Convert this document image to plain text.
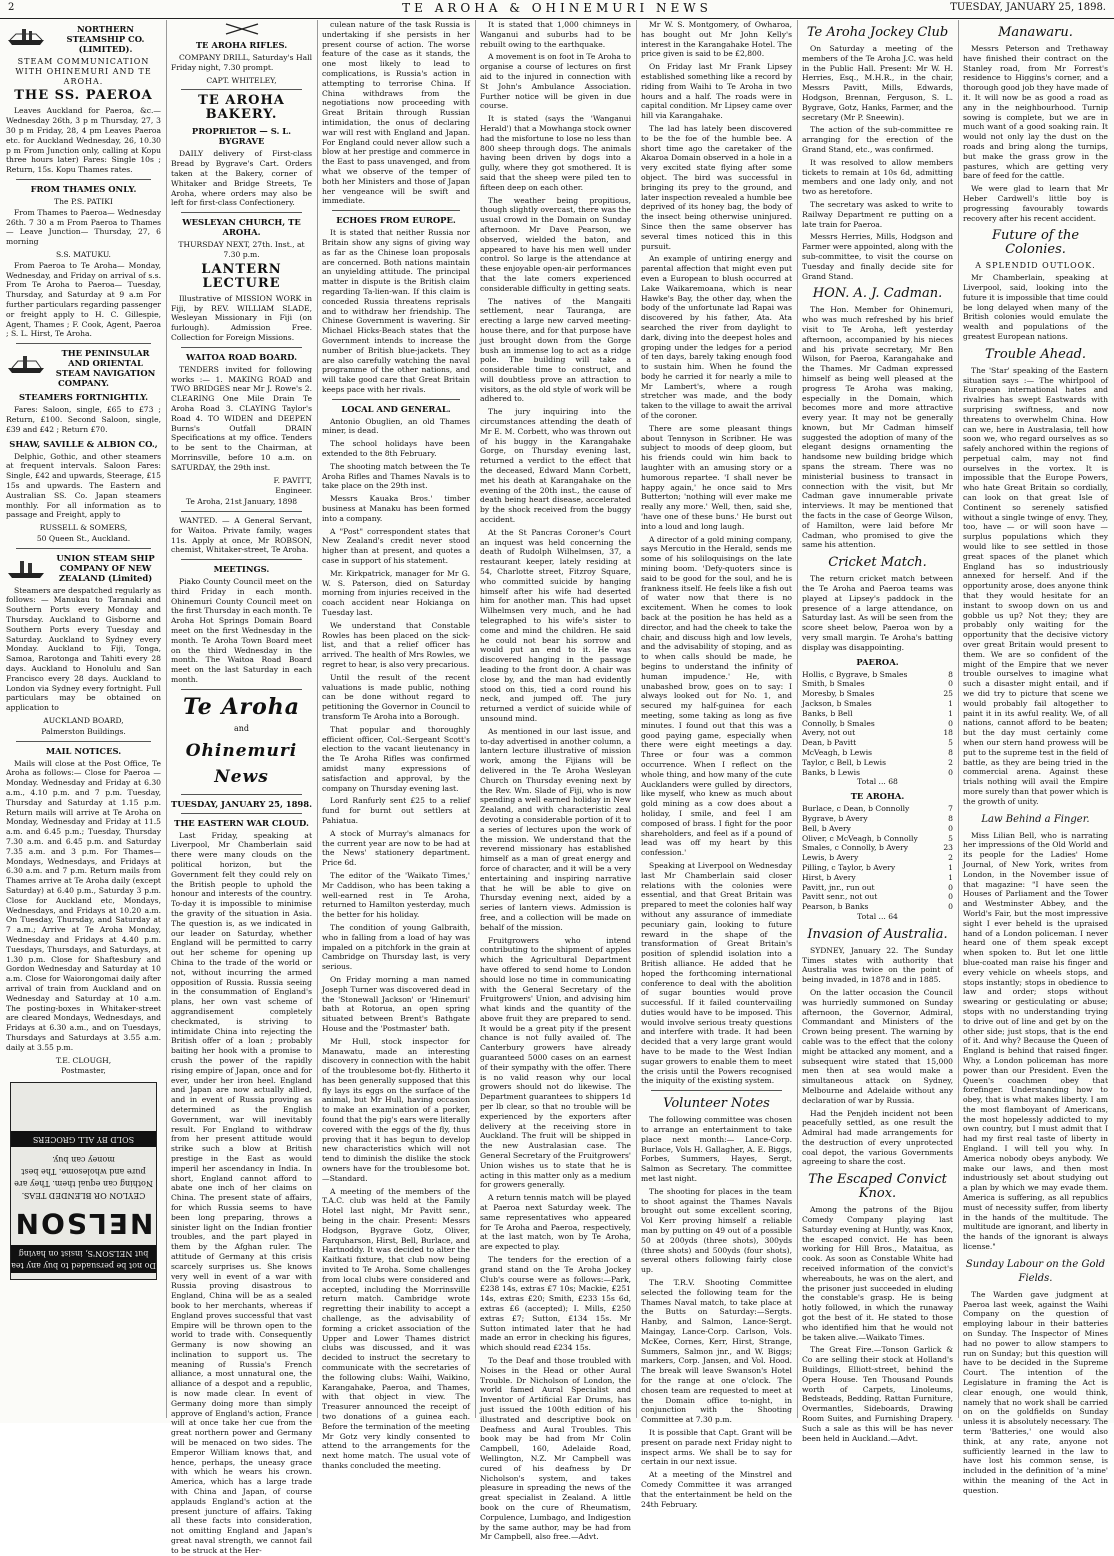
2	TE AROHA & OHINEMURI NEWS	TUESDAY, JANUARY 25, 1898.
NORTHERN STEAMSHIP CO. (LIMITED).
STEAM COMMUNICATION WITH OHINEMURI AND TE AROHA.
THE SS. PAEROA

Leaves Auckland for Paeroa, &c.— Wednesday 26th, 3 p m Thursday, 27, 3 30 p m Friday, 28, 4 pm Leaves Paeroa etc. for Auckland Wednesday, 26, 10.30 p m From Junction only, calling at Kopu three hours later) Fares: Single 10s ; Return, 15s. Kopu Thames rates.

FROM THAMES ONLY.
The P.S. PATIKI

From Thames to Paeroa— Wednesday 26th. 7 30 a m From Paeroa to Thames— Leave Junction— Thursday, 27, 6 morning

S.S. MATUKU.

From Paeroa to Te Aroha— Monday, Wednesday, and Friday on arrival of s.s. From Te Aroha to Paeroa— Tuesday, Thursday, and Saturday at 9 a.m For further particulars regarding passenger or freight apply to H. C. Gillespie, Agent, Thames ; F. Cook, Agent, Paeroa ; S. L. Hirst, Te Aroha.

THE PENINSULAR AND ORIENTAL STEAM NAVIGATION COMPANY.
STEAMERS FORTNIGHTLY.

Fares: Saloon, single, £65 to £73 ; Return, £100. Second Saloon, single, £39 and £42 ; Return £70.

SHAW, SAVILLE & ALBION CO.,

Delphic, Gothic, and other steamers at frequent intervals. Saloon Fares: Single, £42 and upwards, Steerage, £15 15s and upwards. The Eastern and Australian SS. Co. Japan steamers monthly. For all information as to passage and Freight, apply to

RUSSELL & SOMERS,
50 Queen St., Auckland.
UNION STEAM SHIP COMPANY OF NEW ZEALAND (Limited)

Steamers are despatched regularly as follows: — Manukau to Taranaki and Southern Ports every Monday and Thursday. Auckland to Gisborne and Southern Ports every Tuesday and Saturday. Auckland to Sydney every Monday. Auckland to Fiji, Tonga, Samoa, Rarotonga and Tahiti every 28 days. Auckland to Honolulu and San Francisco every 28 days. Auckland to London via Sydney every fortnight. Full particulars may be obtained on application to

AUCKLAND BOARD,
Palmerston Buildings.
MAIL NOTICES.

Mails will close at the Post Office, Te Aroha as follows:— Close for Paeroa — Monday. Wednesday and Friday at 6.30 a.m., 4.10 p.m. and 7 p.m. Tuesday, Thursday and Saturday at 1.15 p.m. Return mails will arrive at Te Aroha on Monday, Wednesday and Friday at 11.5 a.m. and 6.45 p.m.; Tuesday, Thursday 7.30 a.m. and 6.45 p.m. and Saturday 7.35 a.m. and 3 p.m. For Thames— Mondays, Wednesdays, and Fridays at 6.30 a.m. and 7 p.m. Return mails from Thames arrive at Te Aroha daily (except Saturday) at 6.40 p.m., Saturday 3 p.m. Close for Auckland etc, Mondays, Wednesdays, and Fridays at 10.20 a.m. On Tuesday, Thursday, and Saturday at 7 a.m.; Arrive at Te Aroha Monday, Wednesday and Fridays at 4.40 p.m. Tuesdays, Thursdays, and Saturdays, at 1.30 p.m. Close for Shaftesbury and Gordon Wednesday and Saturday at 10 a.m. Close for Waiorongomai daily after arrival of train from Auckland and on Wednesday and Saturday at 10 a.m. The posting-boxes in Whitaker-street are cleared Mondays, Wednesdays, and Fridays at 6.30 a.m., and on Tuesdays, Thursdays and Saturdays at 3.55 a.m. daily at 3.55 p.m.

T.E. CLOUGH,
Postmaster,
Do not be persuaded to buy any tea but NELSON'S, insist on having
NELSON
CEYLON OR BLENDED TEAS. Nothing can equal them. They are pure and wholesome. The best money can buy.
SOLD BY ALL GROCERS
TE AROHA RIFLES.

COMPANY DRILL, Saturday's Hall Friday night, 7.30 prompt.

CAPT. WHITELEY,
TE AROHA BAKERY.
PROPRIETOR — S. L. BYGRAVE

DAILY delivery of First-class Bread by Bygrave's Cart. Orders taken at the Bakery, corner of Whitaker and Bridge Streets, Te Aroha, where orders may also be left for first-class Confectionery.

WESLEYAN CHURCH, TE AROHA.
THURSDAY NEXT, 27th. Inst., at 7.30 p.m.
LANTERN LECTURE

Illustrative of MISSION WORK in Fiji, by REV. WILLIAM SLADE, Wesleyan Missionary in Fiji (on furlough). Admission Free. Collection for Foreign Missions.

WAITOA ROAD BOARD.

TENDERS invited for following works :— 1. MAKING ROAD and TWO BRIDGES near Mr J. Rowe's 2. CLEARING One Mile Drain Te Aroha Road 3. CLAYING Taylor's Road 4. TO WIDEN and DEEPEN Burns's Outfall DRAIN Specifications at my office. Tenders to be sent to the Chairman, at Morrinsville, before 10 a.m. on SATURDAY, the 29th inst.

F. PAVITT,
Engineer.
Te Aroha, 21st January, 1898

WANTED. — A General Servant, for Waitoa. Private family, wages 11s. Apply at once, Mr ROBSON, chemist, Whitaker-street, Te Aroha.

MEETINGS.

Piako County Council meet on the third Friday in each month. Ohinemuri County Council meet on the first Thursday in each month. Te Aroha Hot Springs Domain Board meet on the first Wednesday in the month. Te Aroha Town Board meet on the third Wednesday in the month. The Waitoa Road Board meet on the last Saturday in each month.

Te Aroha
and
Ohinemuri News
TUESDAY, JANUARY 25, 1898.
THE EASTERN WAR CLOUD.

Last Friday, speaking at Liverpool, Mr Chamberlain said there were many clouds on the political horizon, but the Government felt they could rely on the British people to uphold the honour and interests of the country. To-day it is impossible to minimise the gravity of the situation in Asia. The question is, as we indicated in our leader on Saturday, whether England will be permitted to carry out her scheme for opening up China to the trade of the world or not, without incurring the armed opposition of Russia. Russia seeing in the consummation of England's plans, her own vast scheme of aggrandisement completely checkmated, is striving to intimidate China into rejecting the British offer of a loan ; probably baiting her hook with a promise to crush the power of the rapidly rising empire of Japan, once and for ever, under her iron heel. England and Japan are now actually allied, and in event of Russia proving as determined as the English Government, war will inevitably result. For England to withdraw from her present attitude would strike such a blow at British prestige in the East as would imperil her ascendancy in India. In short, England cannot afford to abate one inch of her claims on China. The present state of affairs, for which Russia seems to have been long preparing, throws a sinister light on the Indian frontier troubles, and the part played in them by the Afghan ruler. The attitude of Germany at this crisis scarcely surprises us. She knows very well in event of a war with Russia proving disastrous to England, China will be as a sealed book to her merchants, whereas if England proves successful that vast Empire will be thrown open to the world to trade with. Consequently Germany is now showing an inclination to support us. The meaning of Russia's French alliance, a most unnatural one, the alliance of a despot and a republic, is now made clear. In event of Germany doing more than simply approve of England's action, France will at once take her cue from the great northern power and Germany will be menaced on two sides. The Emperor William knows that, and hence, perhaps, the uneasy grace with which he wears his crown. America, which has a large trade with China and Japan, of course applauds England's action at the present juncture of affairs. Taking all these facts into consideration, not omitting England and Japan's great naval strength, we cannot fail to be struck at the Her-

culean nature of the task Russia is undertaking if she persists in her present course of action. The worse feature of the case as it stands, the one most likely to lead to complications, is Russia's action in attempting to terrorise China. If China withdraws from the negotiations now proceeding with Great Britain through Russian intimidation, the onus of declaring war will rest with England and Japan. For England could never allow such a blow at her prestige and commerce in the East to pass unavenged, and from what we observe of the temper of both her Ministers and those of Japan her vengeance will be swift and immediate.

ECHOES FROM EUROPE.

It is stated that neither Russia nor Britain show any signs of giving way as far as the Chinese loan proposals are concerned. Both nations maintain an unyielding attitude. The principal matter in dispute is the British claim regarding Ta-lien-wan. If this claim is conceded Russia threatens reprisals and to withdraw her friendship. The Chinese Government is wavering. Sir Michael Hicks-Beach states that the Government intends to increase the number of British blue-jackets. They are also carefully watching the naval programme of the other nations, and will take good care that Great Britain keeps pace with her rivals.

LOCAL AND GENERAL.

Antonio Obuglien, an old Thames miner, is dead.

The school holidays have been extended to the 8th February.

The shooting match between the Te Aroha Rifles and Thames Navals is to take place on the 29th inst.

Messrs Kauaka Bros.' timber business at Manaku has been formed into a company.

A "Post" correspondent states that New Zealand's credit never stood higher than at present, and quotes a case in support of his statement.

Mr. Kirkpatrick, manager for Mr G. W. S. Paterson, died on Saturday morning from injuries received in the coach accident near Hokianga on Tuesday last.

We understand that Constable Rowles has been placed on the sick-list, and that a relief officer has arrived. The health of Mrs Rowles, we regret to hear, is also very precarious.

Until the result of the recent valuations is made public, nothing can be done without regard to petitioning the Governor in Council to transform Te Aroha into a Borough.

That popular and thoroughly efficient officer, Col.-Sergeant Scott's election to the vacant lieutenancy in the Te Aroha Rifles was confirmed amidst many expressions of satisfaction and approval, by the company on Thursday evening last.

Lord Ranfurly sent £25 to a relief fund for burnt out settlers at Pahiatua.

A stock of Murray's almanacs for the current year are now to be had at the News' stationery department. Price 6d.

The editor of the 'Waikato Times,' Mr Caddison, who has been taking a well-earned rest in Te Aroha, returned to Hamilton yesterday, much the better for his holiday.

The condition of young Galbraith, who in falling from a load of hay was impaled on a pitchfork in the grain at Cambridge on Thursday last, is very serious.

On Friday morning a man named Joseph Turner was discovered dead in the 'Stonewall Jackson' or 'Hinemuri' bath at Rotorua, an open spring situated between Brent's Bathgate House and the 'Postmaster' bath.

Mr Hull, stock inspector for Manawatu, made an interesting discovery in connection with the habit of the troublesome bot-fly. Hitherto it has been generally supposed that this fly lays its eggs on the surface of the animal, but Mr Hull, having occasion to make an examination of a porker, found that the pig's ears were literally covered with the eggs of the fly, thus proving that it has begun to develop new characteristics which will not tend to diminish the dislike the stock owners have for the troublesome bot.—Standard.

A meeting of the members of the T.A.C. club was held at the Family Hotel last night, Mr Pavitt senr., being in the chair. Present: Messrs Hodgson, Bygrave Gotz, Oliver, Farquharson, Hirst, Bell, Burlace, and Hartnoddy. It was decided to alter the Kaitkati fixture, that club now being invited to Te Aroha. Some challenges from local clubs were considered and accepted, including the Morrinsville return match. Cambridge wrote regretting their inability to accept a challenge, as the advisability of forming a cricket association of the Upper and Lower Thames district clubs was discussed, and it was decided to instruct the secretary to communicate with the secretaries of the following clubs: Waihi, Waikino, Karangahake, Paeroa, and Thames, with that object in view. The Treasurer announced the receipt of two donations of a guinea each. Before the termination of the meeting Mr Gotz very kindly consented to attend to the arrangements for the next home match. The usual vote of thanks concluded the meeting.

It is stated that 1,000 chimneys in Wanganui and suburbs had to be rebuilt owing to the earthquake.

A movement is on foot in Te Aroha to organise a course of lectures on first aid to the injured in connection with St John's Ambulance Association. Further notice will be given in due course.

It is stated (says the 'Wanganui Herald') that a Mowhanga stock owner had the misfortune to lose no less than 800 sheep through dogs. The animals having been driven by dogs into a gully, where they got smothered. It is said that the sheep were piled ten to fifteen deep on each other.

The weather being propitious, though slightly overcast, there was the usual crowd in the Domain on Sunday afternoon. Mr Dave Pearson, we observed, wielded the baton, and appeared to have his men well under control. So large is the attendance at these enjoyable open-air performances that the late comers experienced considerable difficulty in getting seats.

The natives of the Mangaiti settlement, near Tauranga, are erecting a large new carved meeting-house there, and for that purpose have just brought down from the Gorge bush an immense log to act as a ridge pole. The building will take a considerable time to construct, and will doubtless prove an attraction to visitors, as the old style of work will be adhered to.

The jury inquiring into the circumstances attending the death of Mr E. M. Corbett, who was thrown out of his buggy in the Karangahake Gorge, on Thursday evening last, returned a verdict to the effect that the deceased, Edward Mann Corbett, met his death at Karangahake on the evening of the 20th inst., the cause of death being heart disease, accelerated by the shock received from the buggy accident.

At the St Pancras Coroner's Court an inquest was held concerning the death of Rudolph Wilhelmsen, 37, a restaurant keeper, lately residing at 54, Charlotte street, Fitzroy Square, who committed suicide by hanging himself after his wife had deserted him for another man. This had upset Wilhelmsen very much, and he had telegraphed to his wife's sister to come and mind the children. He said he could not bear his sorrow and would put an end to it. He was discovered hanging in the passage leading to the front door. A chair was close by, and the man had evidently stood on this, tied a cord round his neck, and jumped off. The jury returned a verdict of suicide while of unsound mind.

As mentioned in our last issue, and to-day advertised in another column, a lantern lecture illustrative of mission work, among the Fijians will be delivered in the Te Aroha Wesleyan Church on Thursday evening next by the Rev. Wm. Slade of Fiji, who is now spending a well earned holiday in New Zealand, and with characteristic zeal devoting a considerable portion of it to a series of lectures upon the work of the mission. We understand that the reverend missionary has established himself as a man of great energy and force of character, and it will be a very entertaining and inspiring narrative that he will be able to give on Thursday evening next, aided by a series of lantern views. Admission is free, and a collection will be made on behalf of the mission.

Fruitgrowers who intend contributing to the shipment of apples which the Agricultural Department have offered to send home to London should lose no time in communicating with the General Secretary of the Fruitgrowers' Union, and advising him what kinds and the quantity of the above fruit they are prepared to send. It would be a great pity if the present chance is not fully availed of. The Canterbury growers have already guaranteed 5000 cases on an earnest of their sympathy with the offer. There is no valid reason why our local growers should not do likewise. The Department guarantees to shippers 1d per lb clear, so that no trouble will be experienced by the exporters after delivery at the receiving store in Auckland. The fruit will be shipped in the new Australasian case. The General Secretary of the Fruitgrowers' Union wishes us to state that he is acting in this matter only as a medium for growers generally.

A return tennis match will be played at Paeroa next Saturday week. The same representatives who appeared for Te Aroha and Paeroa, respectively, at the last match, won by Te Aroha, are expected to play.

The tenders for the erection of a grand stand on the Te Aroha Jockey Club's course were as follows:—Park, £238 14s, extras £7 10s; Mackie, £251 14s, extras £20; Smith, £233 15s 6d, extras £6 (accepted); I. Mills, £250 extras £7; Sutton, £134 15s. Mr Sutton intimated later that he had made an error in checking his figures, which should read £234 15s.

To the Deaf and those troubled with Noises in the Head or other Aural Trouble. Dr Nicholson of London, the world famed Aural Specialist and Inventor of Artificial Ear Drums, has just issued the 100th edition of his illustrated and descriptive book on Deafness and Aural Troubles. This book may be had from Mr Colin Campbell, 160, Adelaide Road, Wellington, N.Z. Mr Campbell was cured of his deafness by Dr Nicholson's system, and takes pleasure in spreading the news of the great specialist in Zealand. A little book on the cure of Rheumatism, Corpulence, Lumbago, and Indigestion by the same author, may be had from Mr Campbell, also free.—Advt.

Mr W. S. Montgomery, of Owharoa, has bought out Mr John Kelly's interest in the Karangahake Hotel. The price given is said to be £2,800.

On Friday last Mr Frank Lipsey established something like a record by riding from Waihi to Te Aroha in two hours and a half. The roads were in capital condition. Mr Lipsey came over hill via Karangahake.

The lad has lately been discovered to be the foe of the humble bee. A short time ago the caretaker of the Akaroa Domain observed in a hole in a very excited state flying after some object. The bird was successful in bringing its prey to the ground, and later inspection revealed a humble bee deprived of its honey bag, the body of the insect being otherwise uninjured. Since then the same observer has several times noticed this in this pursuit.

An example of untiring energy and parental affection that might even put even a European to blush occurred at Lake Waikaremoana, which is near Hawke's Bay, the other day, when the body of the unfortunate lad Rapai was discovered by his father, Ata. Ata searched the river from daylight to dark, diving into the deepest holes and groping under the ledges for a period of ten days, barely taking enough food to sustain him. When he found the body he carried it for nearly a mile to Mr Lambert's, where a rough stretcher was made, and the body taken to the village to await the arrival of the coroner.

There are some pleasant things about Tennyson in Scribner. He was subject to moods of deep gloom, but his friends could win him back to laughter with an amusing story or a humorous repartee. 'I shall never be happy again,' he once said to Mrs Butterton; 'nothing will ever make me really any more.' Well, then, said she, 'have one of these buns.' He burst out into a loud and long laugh.

A director of a gold mining company, says Mercutio in the Herald, sends me some of his soliloquisings on the late mining boom. 'Defy-quoters since is said to be good for the soul, and he is frankness itself. He feels like a fish out of water now that there is no excitement. When he comes to look back at the position he has held as a director, and had the cheek to take the chair, and discuss high and low levels, and the advisability of stoping, and as to when calls should be made, he begins to understand the infinity of human impudence.' He, with unabashed brow, goes on to say: I always looked out for No. 1, and secured my half-guinea for each meeting, some taking as long as five minutes. I found out that this was a good paying game, especially when there were eight meetings a day. Three or four was a common occurrence. When I reflect on the whole thing, and how many of the cute Aucklanders were gulled by directors, like myself, who knew as much about gold mining as a cow does about a holiday, I smile, and feel I am composed of brass. I fight for the poor shareholders, and feel as if a pound of lead was off my heart by this confession.'

Speaking at Liverpool on Wednesday last Mr Chamberlain said closer relations with the colonies were essential, and that Great Britain was prepared to meet the colonies half way without any assurance of immediate pecuniary gain, looking to future reward in the shape of the transformation of Great Britain's position of splendid isolation into a British alliance. He added that he hoped the forthcoming international conference to deal with the abolition of sugar bounties would prove successful. If it failed countervailing duties would have to be imposed. This would involve serious treaty questions and interfere with trade. It had been decided that a very large grant would have to be made to the West Indian sugar growers to enable them to meet the crisis until the Powers recognised the iniquity of the existing system.

Volunteer Notes

The following committee was chosen to arrange an entertainment to take place next month:— Lance-Corp. Burlace, Vols H. Gallagher, A. E. Biggs, Forbes, Summers, Hayes, Sergt, Salmon as Secretary. The committee met last night.

The shooting for places in the team to shoot against the Thames Navals brought out some excellent scoring, Vol Kerr proving himself a reliable man by putting on 49 out of a possible 50 at 200yds (three shots), 300yds (three shots) and 500yds (four shots), several others following fairly close up.

The T.R.V. Shooting Committee selected the following team for the Thames Naval match, to take place at the Butts on Saturday:—Sergts. Hanby, and Salmon, Lance-Sergt. Maingay, Lance-Corp. Carlson, Vols. McKee, Cornes, Kerr, Hirst, Strange, Summers, Salmon jnr., and W. Biggs; markers, Corp. Jansen, and Vol. Hood. The break will leave Swanson's Hotel for the range at one o'clock. The chosen team are requested to meet at the Domain office to-night, in conjunction with the Shooting Committee at 7.30 p.m.

It is possible that Capt. Grant will be present on parade next Friday night to inspect arms. We shall be to say for certain in our next issue.

At a meeting of the Minstrel and Comedy Committee it was arranged that the entertainment be held on the 24th February.

Te Aroha Jockey Club

On Saturday a meeting of the members of the Te Aroha J.C. was held in the Public Hall. Present: Mr W. H. Herries, Esq., M.H.R., in the chair, Messrs Pavitt, Mills, Edwards, Hodgson, Brennan, Ferguson, S. L. Bygrave, Gotz, Hanks, Farmer, and the secretary (Mr P. Sneewin).

The action of the sub-committee re arranging for the erection of the Grand Stand, etc., was confirmed.

It was resolved to allow members tickets to remain at 10s 6d, admitting members and one lady only, and not two as heretofore.

The secretary was asked to write to Railway Department re putting on a late train for Paeroa.

Messrs Herries, Mills, Hodgson and Farmer were appointed, along with the sub-committee, to visit the course on Tuesday and finally decide site for Grand Stand.

HON. A. J. Cadman.

The Hon. Member for Ohinemuri, who was much refreshed by his brief visit to Te Aroha, left yesterday afternoon, accompanied by his nieces and his private secretary, Mr Ben Wilson, for Paeroa, Karangahake and the Thames. Mr Cadman expressed himself as being well pleased at the progress Te Aroha was making, especially in the Domain, which becomes more and more attractive every year. It may not be generally known, but Mr Cadman himself suggested the adoption of many of the elegant designs ornamenting the handsome new building bridge which spans the stream. There was no ministerial business to transact in connection with the visit, but Mr Cadman gave innumerable private interviews. It may be mentioned that the facts in the case of George Wilson, of Hamilton, were laid before Mr Cadman, who promised to give the same his attention.

Cricket Match.

The return cricket match between the Te Aroha and Paeroa teams was played at Lipsey's paddock in the presence of a large attendance, on Saturday last. As will be seen from the score sheet below, Paeroa won by a very small margin. Te Aroha's batting display was disappointing.

PAEROA.
Hollis, c Bygrave, b Smales	8
Smith, b Smales	0
Moresby, b Smales	25
Jackson, b Smales	1
Banks, b Bell	1
Connolly, b Smales	0
Avery, not out	18
Dean, b Pavitt	5
McVeagh, b Lewis	8
Taylor, c Bell, b Lewis	2
Banks, b Lewis	0
Total ... 68
TE AROHA.
Burlace, c Dean, b Connolly	7
Bygrave, b Avery	8
Bell, b Avery	0
Oliver, c McVeagh, b Connolly	5
Smales, c Connolly, b Avery	23
Lewis, b Avery	2
Pilling, c Taylor, b Avery	1
Hirst, b Avery	1
Pavitt, jnr., run out	0
Pavitt senr., not out	0
Pearson, b Banks	0
Total ... 64
Invasion of Australia.

SYDNEY, January 22. The Sunday Times states with authority that Australia was twice on the point of being invaded, in 1878 and in 1885.

On the latter occasion the Council was hurriedly summoned on Sunday afternoon, the Governor, Admiral, Commandant and Ministers of the Crown being present. The warning by cable was to the effect that the colony might be attacked any moment, and a subsequent wire stated that 15,000 men then at sea would make a simultaneous attack on Sydney, Melbourne and Adelaide without any declaration of war by Russia.

Had the Penjdeh incident not been peacefully settled, as one result the Admiral had made arrangements for the destruction of every unprotected coal depot, the various Governments agreeing to share the cost.

The Escaped Convict Knox.

Among the patrons of the Bijou Comedy Company playing last Saturday evening at Huntly, was Knox, the escaped convict. He has been working for Hill Bros., Mataitua, as cook. As soon as Constable White had received information of the convict's whereabouts, he was on the alert, and the prisoner just succeeded in eluding the constable's grasp. He is being hotly followed, in which the runaway got the best of it. He stated to those who identified him that he would not be taken alive.—Waikato Times.

The Great Fire.—Tonson Garlick & Co are selling their stock at Holland's Buildings, Elliott-street, behind the Opera House. Ten Thousand Pounds worth of Carpets, Linoleums, Bedsteads, Bedding, Rattan Furniture, Overmantles, Sideboards, Drawing Room Suites, and Furnishing Drapery. Such a sale as this will be has never been held in Auckland.—Advt.

Manawaru.

Messrs Peterson and Trethaway have finished their contract on the Stanley road, from Mr Forrest's residence to Higgins's corner, and a thorough good job they have made of it. It will now be as good a road as any in the neighbourhood. Turnip sowing is complete, but we are in much want of a good soaking rain. It would not only lay the dust on the roads and bring along the turnips, but make the grass grow in the pastures, which are getting very bare of feed for the cattle.

We were glad to learn that Mr Heber Cardwell's little boy is progressing favourably towards recovery after his recent accident.

Future of the Colonies.
A SPLENDID OUTLOOK.

Mr Chamberlain, speaking at Liverpool, said, looking into the future it is impossible that time could be long delayed when many of the British colonies would emulate the wealth and populations of the greatest European nations.

Trouble Ahead.

The 'Star' speaking of the Eastern situation says :— The whirlpool of European international hates and rivalries has swept Eastwards with surprising swiftness, and now threatens to overwhelm China. How can we, here in Australasia, tell how soon we, who regard ourselves as so safely anchored within the regions of perpetual calm, may not find ourselves in the vortex. It is impossible that the Europe Powers, who hate Great Britain so cordially, can look on that great Isle of Continent so serenely satisfied without a single twinge of envy. They, too, have — or will soon have — surplus populations which they would like to see settled in those great spaces of the planet which England has so industriously annexed for herself. And if the opportunity arose, does anyone think that they would hesitate for an instant to swoop down on us and gobble us up? Not they; they are probably only waiting for the opportunity that the decisive victory over great Britain would present to them. We are so confident of the might of the Empire that we never trouble ourselves to imagine what such a disaster might entail, and if we did try to picture that scene we would probably fail altogether to paint it in its awful reality. We, of all nations, cannot afford to be beaten; but the day must certainly come when our stern hand prowess will be put to the supreme test in the field of battle, as they are being tried in the commercial arena. Against these trials nothing will avail the Empire more surely than that power which is the growth of unity.

Law Behind a Finger.

Miss Lilian Bell, who is narrating her impressions of the Old World and its people for the Ladies' Home Journal, of New York, writes from London, in the November issue of that magazine: "I have seen the Houses of Parliament and the Tower and Westminster Abbey, and the World's Fair, but the most impressive sight I ever beheld is the upraised hand of a London policeman. I never heard one of them speak except when spoken to. But let one little blue-coated man raise his finger and every vehicle on wheels stops, and stops instantly; stops in obedience to law and order; stops without swearing or gesticulating or abuse; stops with no understanding trying to drive out of line and get by on the other side; just stops, that is the end of it. And why? Because the Queen of England is behind that raised finger. Why, a London policeman has more power than our President. Even the Queen's coachmen obey that forefinger. Understanding how to obey, that is what makes liberty. I am the most flamboyant of Americans, the most hopelessly addicted to my own country, but I must admit that I had my first real taste of liberty in England. I will tell you why. In America nobody obeys anybody. We make our laws, and then most industriously set about studying out a plan by which we may evade them. America is suffering, as all republics must of necessity suffer, from liberty in the hands of the multitude. The multitude are ignorant, and liberty in the hands of the ignorant is always license."

Sunday Labour on the Gold Fields.

The Warden gave judgment at Paeroa last week, against the Waihi Company on the question of employing labour in their batteries on Sunday. The Inspector of Mines had no power to allow stampers to run on Sunday; but this question will have to be decided in the Supreme Court. The intention of the Legislature in framing the Act is clear enough, one would think, namely that no work shall be carried on on the goldfields on Sunday unless it is absolutely necessary. The term 'Batteries,' one would also think, at any rate, anyone not sufficiently learned in the law to have lost his common sense, is included in the definition of 'a mine' within the meaning of the Act in question.
